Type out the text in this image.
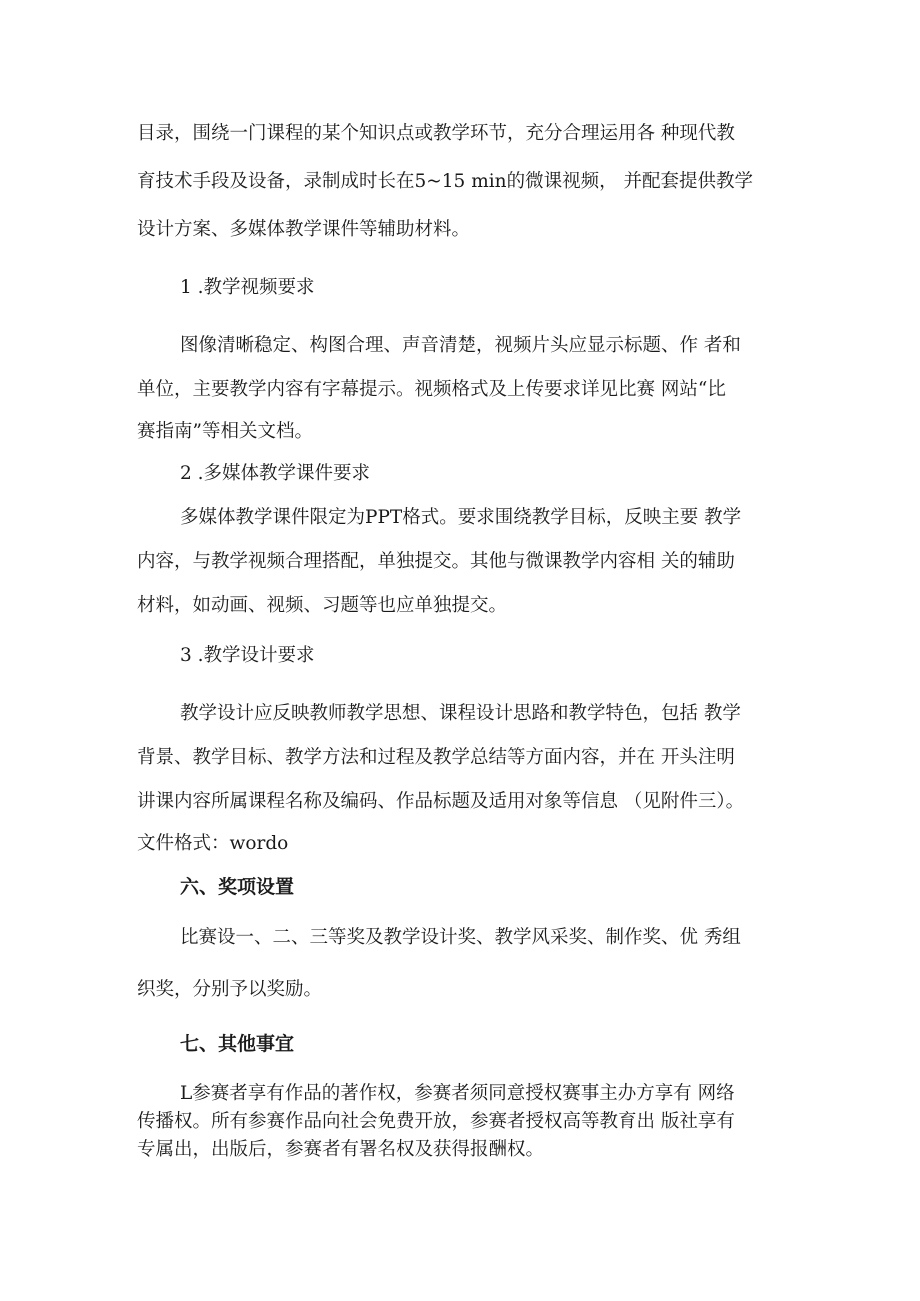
目录，围绕一门课程的某个知识点或教学环节，充分合理运用各 种现代教

育技术手段及设备，录制成时长在5~15 min的微课视频， 并配套提供教学

设计方案、多媒体教学课件等辅助材料。

1 .教学视频要求

图像清晰稳定、构图合理、声音清楚，视频片头应显示标题、作 者和

单位，主要教学内容有字幕提示。视频格式及上传要求详见比赛 网站“比

赛指南”等相关文档。

2 .多媒体教学课件要求

多媒体教学课件限定为PPT格式。要求围绕教学目标，反映主要 教学

内容，与教学视频合理搭配，单独提交。其他与微课教学内容相 关的辅助

材料，如动画、视频、习题等也应单独提交。

3 .教学设计要求

教学设计应反映教师教学思想、课程设计思路和教学特色，包括 教学

背景、教学目标、教学方法和过程及教学总结等方面内容，并在 开头注明

讲课内容所属课程名称及编码、作品标题及适用对象等信息 （见附件三）。

文件格式：wordo

六、奖项设置

比赛设一、二、三等奖及教学设计奖、教学风采奖、制作奖、优 秀组

织奖，分别予以奖励。

七、其他事宜

L参赛者享有作品的著作权，参赛者须同意授权赛事主办方享有 网络

传播权。所有参赛作品向社会免费开放，参赛者授权高等教育出 版社享有

专属出，出版后，参赛者有署名权及获得报酬权。
